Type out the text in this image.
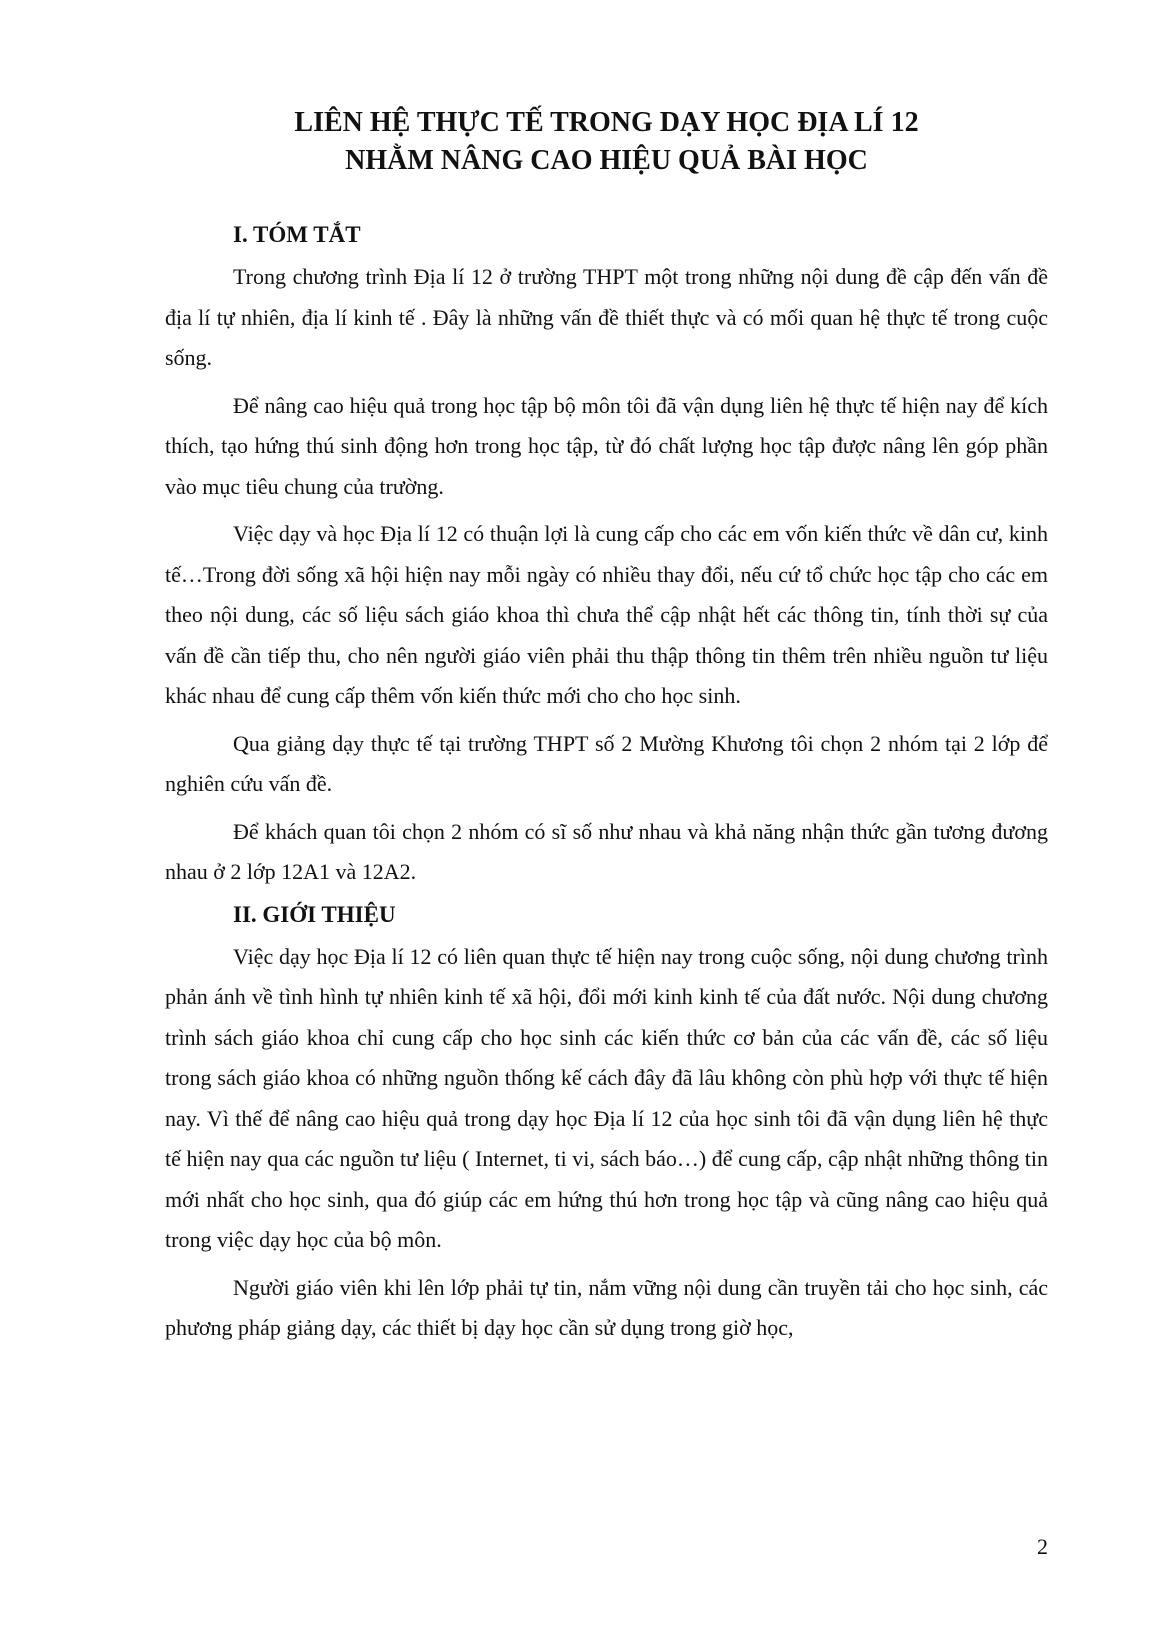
LIÊN HỆ THỰC TẾ TRONG DẠY HỌC ĐỊA LÍ 12
NHẰM NÂNG CAO HIỆU QUẢ BÀI HỌC
I. TÓM TẮT

Trong chương trình Địa lí 12 ở trường THPT một trong những nội dung đề cập đến vấn đề địa lí tự nhiên, địa lí kinh tế . Đây là những vấn đề thiết thực và có mối quan hệ thực tế trong cuộc sống.

Để nâng cao hiệu quả trong học tập bộ môn tôi đã vận dụng liên hệ thực tế hiện nay để kích thích, tạo hứng thú sinh động hơn trong học tập, từ đó chất lượng học tập được nâng lên góp phần vào mục tiêu chung của trường.

Việc dạy và học Địa lí 12 có thuận lợi là cung cấp cho các em vốn kiến thức về dân cư, kinh tế…Trong đời sống xã hội hiện nay mỗi ngày có nhiều thay đổi, nếu cứ tổ chức học tập cho các em theo nội dung, các số liệu sách giáo khoa thì chưa thể cập nhật hết các thông tin, tính thời sự của vấn đề cần tiếp thu, cho nên người giáo viên phải thu thập thông tin thêm trên nhiều nguồn tư liệu khác nhau để cung cấp thêm vốn kiến thức mới cho cho học sinh.

Qua giảng dạy thực tế tại trường THPT số 2 Mường Khương tôi chọn 2 nhóm tại 2 lớp để nghiên cứu vấn đề.

Để khách quan tôi chọn 2 nhóm có sĩ số như nhau và khả năng nhận thức gần tương đương nhau ở 2 lớp 12A1 và 12A2.

II. GIỚI THIỆU

Việc dạy học Địa lí 12 có liên quan thực tế hiện nay trong cuộc sống, nội dung chương trình phản ánh về tình hình tự nhiên kinh tế xã hội, đổi mới kinh kinh tế của đất nước. Nội dung chương trình sách giáo khoa chỉ cung cấp cho học sinh các kiến thức cơ bản của các vấn đề, các số liệu trong sách giáo khoa có những nguồn thống kế cách đây đã lâu không còn phù hợp với thực tế hiện nay. Vì thế để nâng cao hiệu quả trong dạy học Địa lí 12 của học sinh tôi đã vận dụng liên hệ thực tế hiện nay qua các nguồn tư liệu ( Internet, ti vi, sách báo…) để cung cấp, cập nhật những thông tin mới nhất cho học sinh, qua đó giúp các em hứng thú hơn trong học tập và cũng nâng cao hiệu quả trong việc dạy học của bộ môn.

Người giáo viên khi lên lớp phải tự tin, nắm vững nội dung cần truyền tải cho học sinh, các phương pháp giảng dạy, các thiết bị dạy học cần sử dụng trong giờ học,

2
